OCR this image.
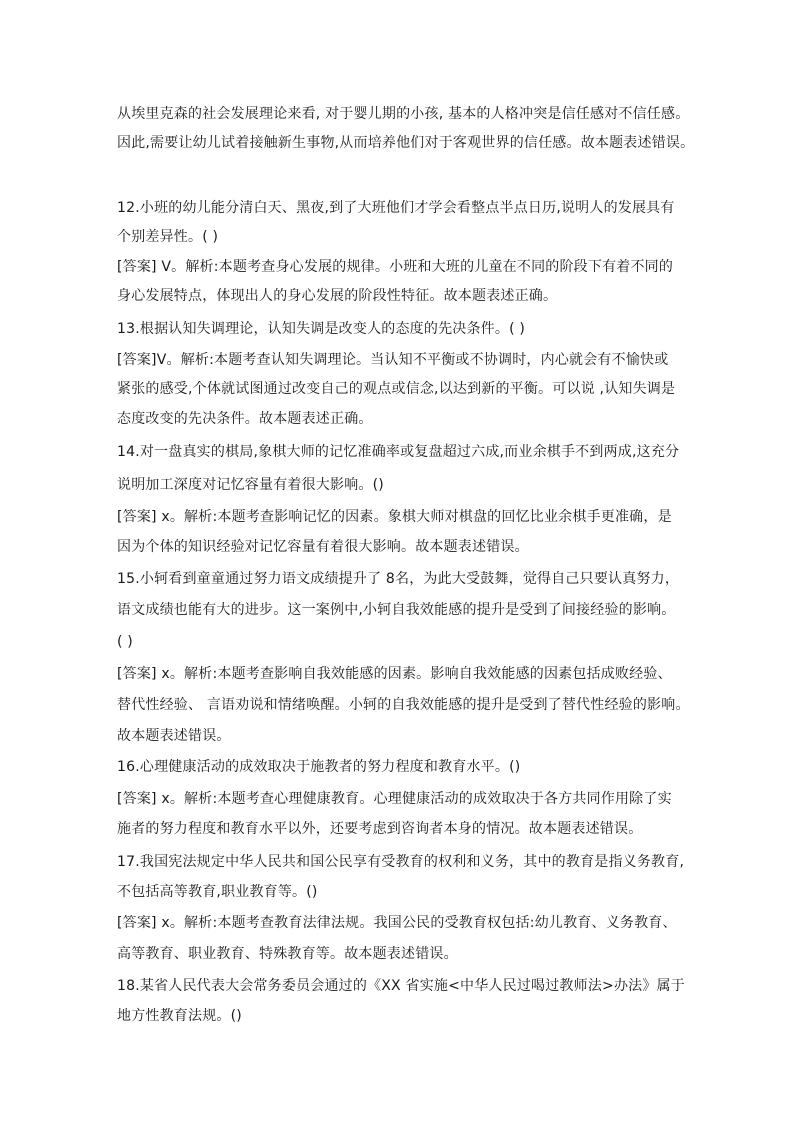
从埃里克森的社会发展理论来看, 对于婴儿期的小孩, 基本的人格冲突是信任感对不信任感。
因此,需要让幼儿试着接触新生事物,从而培养他们对于客观世界的信任感。故本题表述错误。
12.小班的幼儿能分清白天、黑夜,到了大班他们才学会看整点半点日历,说明人的发展具有
个别差异性。( )
[答案] V。解析:本题考查身心发展的规律。小班和大班的儿童在不同的阶段下有着不同的
身心发展特点，体现出人的身心发展的阶段性特征。故本题表述正确。
13.根据认知失调理论，认知失调是改变人的态度的先决条件。( )
[答案]V。解析:本题考查认知失调理论。当认知不平衡或不协调时，内心就会有不愉快或
紧张的感受,个体就试图通过改变自己的观点或信念,以达到新的平衡。可以说 ,认知失调是
态度改变的先决条件。故本题表述正确。
14.对一盘真实的棋局,象棋大师的记忆准确率或复盘超过六成,而业余棋手不到两成,这充分
说明加工深度对记忆容量有着很大影响。()
[答案] x。解析:本题考查影响记忆的因素。象棋大师对棋盘的回忆比业余棋手更准确，是
因为个体的知识经验对记忆容量有着很大影响。故本题表述错误。
15.小轲看到童童通过努力语文成绩提升了 8名，为此大受鼓舞，觉得自己只要认真努力，
语文成绩也能有大的进步。这一案例中,小轲自我效能感的提升是受到了间接经验的影响。
( )
[答案] x。解析:本题考查影响自我效能感的因素。影响自我效能感的因素包括成败经验、
替代性经验、 言语劝说和情绪唤醒。小轲的自我效能感的提升是受到了替代性经验的影响。
故本题表述错误。
16.心理健康活动的成效取决于施教者的努力程度和教育水平。()
[答案] x。解析:本题考查心理健康教育。心理健康活动的成效取决于各方共同作用除了实
施者的努力程度和教育水平以外，还要考虑到咨询者本身的情况。故本题表述错误。
17.我国宪法规定中华人民共和国公民享有受教育的权利和义务，其中的教育是指义务教育,
不包括高等教育,职业教育等。()
[答案] x。解析:本题考查教育法律法规。我国公民的受教育权包括:幼儿教育、义务教育、
高等教育、职业教育、特殊教育等。故本题表述错误。
18.某省人民代表大会常务委员会通过的《XX 省实施<中华人民过喝过教师法>办法》属于
地方性教育法规。()
